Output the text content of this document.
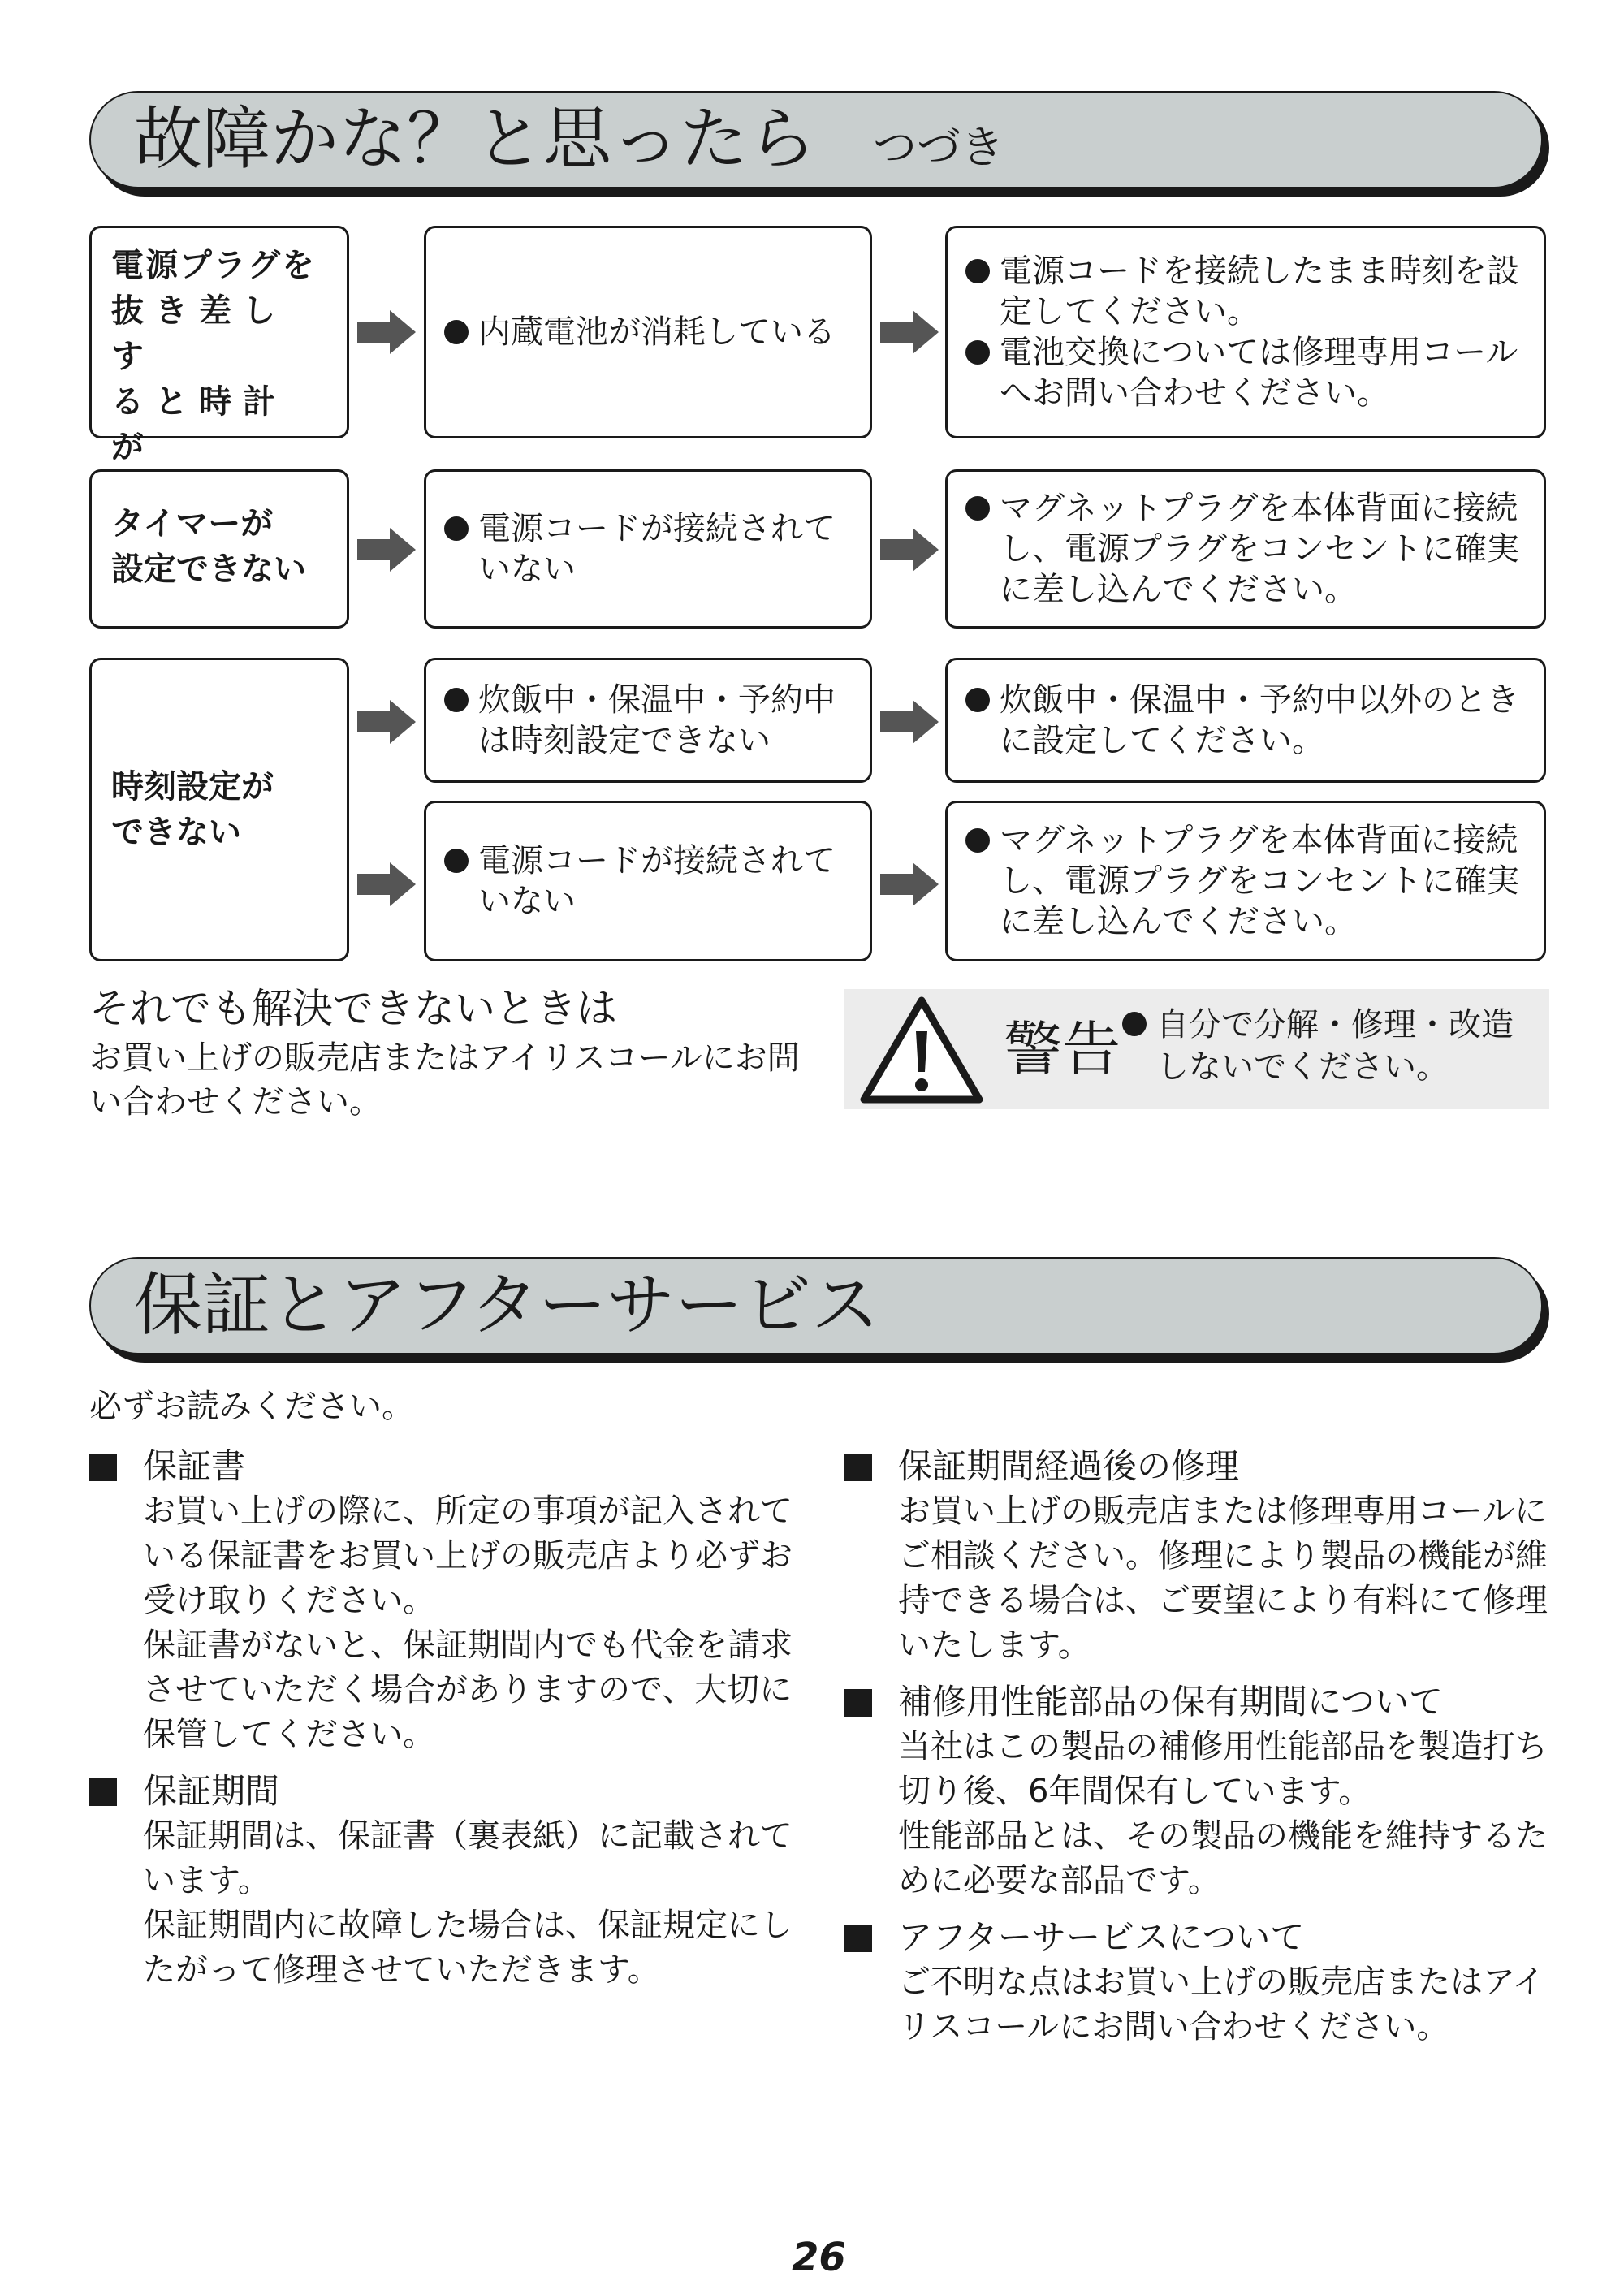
故障かな？と思ったら つづき
電源プラグを
抜き差しす
ると時計が
内蔵電池が消耗している
電源コードを接続したまま時刻を設定してください。
電池交換については修理専用コールへお問い合わせください。
タイマーが
設定できない
電源コードが接続されていない
マグネットプラグを本体背面に接続し、電源プラグをコンセントに確実に差し込んでください。
時刻設定が
できない
炊飯中・保温中・予約中は時刻設定できない
炊飯中・保温中・予約中以外のときに設定してください。
電源コードが接続されていない
マグネットプラグを本体背面に接続し、電源プラグをコンセントに確実に差し込んでください。
それでも解決できないときは
お買い上げの販売店またはアイリスコールにお問い合わせください。
警告	自分で分解・修理・改造しないでください。
保証とアフターサービス
必ずお読みください。
保証書

お買い上げの際に、所定の事項が記入されている保証書をお買い上げの販売店より必ずお受け取りください。

保証書がないと、保証期間内でも代金を請求させていただく場合がありますので、大切に保管してください。

保証期間

保証期間は、保証書（裏表紙）に記載されています。

保証期間内に故障した場合は、保証規定にしたがって修理させていただきます。

保証期間経過後の修理

お買い上げの販売店または修理専用コールにご相談ください。修理により製品の機能が維持できる場合は、ご要望により有料にて修理いたします。

補修用性能部品の保有期間について

当社はこの製品の補修用性能部品を製造打ち切り後、6年間保有しています。

性能部品とは、その製品の機能を維持するために必要な部品です。

アフターサービスについて

ご不明な点はお買い上げの販売店またはアイリスコールにお問い合わせください。

26
